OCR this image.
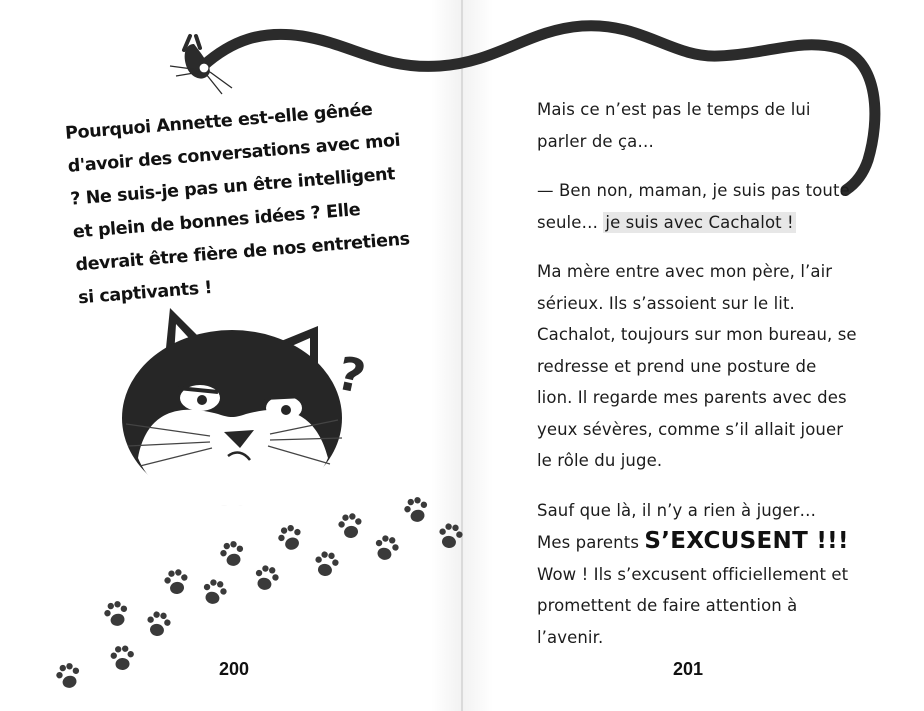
Pourquoi Annette est-elle gênée d'avoir des conversations avec moi ? Ne suis-je pas un être intelligent et plein de bonnes idées ? Elle devrait être fière de nos entretiens si captivants !

?
200

Mais ce n’est pas le temps de lui parler de ça…

— Ben non, maman, je suis pas toute seule… je suis avec Cachalot !

Ma mère entre avec mon père, l’air sérieux. Ils s’assoient sur le lit. Cachalot, toujours sur mon bureau, se redresse et prend une posture de lion. Il regarde mes parents avec des yeux sévères, comme s’il allait jouer le rôle du juge.

Sauf que là, il n’y a rien à juger…
Mes parents S’EXCUSENT !!! Wow ! Ils s’excusent officiellement et promettent de faire attention à l’avenir.

201
